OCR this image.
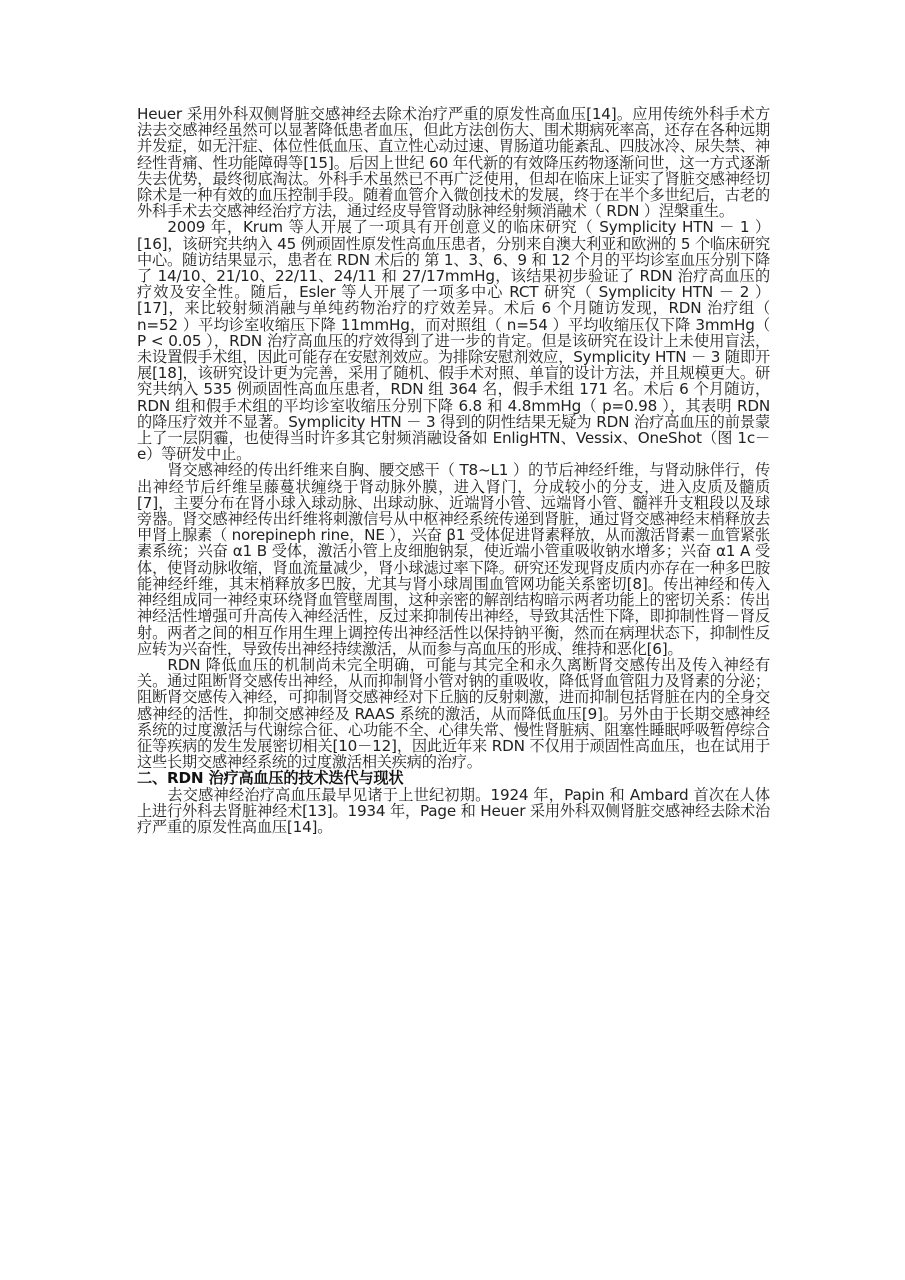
Heuer 采用外科双侧肾脏交感神经去除术治疗严重的原发性高血压[14]。应用传统外科手术方法去交感神经虽然可以显著降低患者血压，但此方法创伤大、围术期病死率高，还存在各种远期并发症，如无汗症、体位性低血压、直立性心动过速、胃肠道功能紊乱、四肢冰冷、尿失禁、神经性背痛、性功能障碍等[15]。后因上世纪 60 年代新的有效降压药物逐渐问世，这一方式逐渐失去优势，最终彻底淘汰。外科手术虽然已不再广泛使用，但却在临床上证实了肾脏交感神经切除术是一种有效的血压控制手段。随着血管介入微创技术的发展，终于在半个多世纪后，古老的外科手术去交感神经治疗方法，通过经皮导管肾动脉神经射频消融术（ RDN ）涅槃重生。

2009 年，Krum 等人开展了一项具有开创意义的临床研究（ Symplicity HTN － 1 ）[16]，该研究共纳入 45 例顽固性原发性高血压患者，分别来自澳大利亚和欧洲的 5 个临床研究中心。随访结果显示，患者在 RDN 术后的 第 1、3、6、9 和 12 个月的平均诊室血压分别下降了 14/10、21/10、22/11、24/11 和 27/17mmHg，该结果初步验证了 RDN 治疗高血压的疗效及安全性。随后，Esler 等人开展了一项多中心 RCT 研究（ Symplicity HTN － 2 ）[17]，来比较射频消融与单纯药物治疗的疗效差异。术后 6 个月随访发现，RDN 治疗组（ n=52 ）平均诊室收缩压下降 11mmHg，而对照组（ n=54 ）平均收缩压仅下降 3mmHg（ P < 0.05 ），RDN 治疗高血压的疗效得到了进一步的肯定。但是该研究在设计上未使用盲法，未设置假手术组，因此可能存在安慰剂效应。为排除安慰剂效应，Symplicity HTN － 3 随即开展[18]，该研究设计更为完善，采用了随机、假手术对照、单盲的设计方法，并且规模更大。研究共纳入 535 例顽固性高血压患者，RDN 组 364 名，假手术组 171 名。术后 6 个月随访，RDN 组和假手术组的平均诊室收缩压分别下降 6.8 和 4.8mmHg（ p=0.98 ），其表明 RDN 的降压疗效并不显著。Symplicity HTN － 3 得到的阴性结果无疑为 RDN 治疗高血压的前景蒙上了一层阴霾，也使得当时许多其它射频消融设备如 EnligHTN、Vessix、OneShot（图 1c－e）等研发中止。

肾交感神经的传出纤维来自胸、腰交感干（ T8~L1 ）的节后神经纤维，与肾动脉伴行，传出神经节后纤维呈藤蔓状缠绕于肾动脉外膜，进入肾门，分成较小的分支，进入皮质及髓质[7]，主要分布在肾小球入球动脉、出球动脉、近端肾小管、远端肾小管、髓袢升支粗段以及球旁器。肾交感神经传出纤维将刺激信号从中枢神经系统传递到肾脏，通过肾交感神经末梢释放去甲肾上腺素（ norepineph rine，NE ），兴奋 β1 受体促进肾素释放，从而激活肾素－血管紧张素系统；兴奋 α1 B 受体，激活小管上皮细胞钠泵，使近端小管重吸收钠水增多；兴奋 α1 A 受体，使肾动脉收缩，肾血流量减少，肾小球滤过率下降。研究还发现肾皮质内亦存在一种多巴胺能神经纤维，其末梢释放多巴胺，尤其与肾小球周围血管网功能关系密切[8]。传出神经和传入神经组成同一神经束环绕肾血管壁周围，这种亲密的解剖结构暗示两者功能上的密切关系：传出神经活性增强可升高传入神经活性，反过来抑制传出神经，导致其活性下降，即抑制性肾－肾反射。两者之间的相互作用生理上调控传出神经活性以保持钠平衡，然而在病理状态下，抑制性反应转为兴奋性，导致传出神经持续激活，从而参与高血压的形成、维持和恶化[6]。

RDN 降低血压的机制尚未完全明确，可能与其完全和永久离断肾交感传出及传入神经有关。通过阻断肾交感传出神经，从而抑制肾小管对钠的重吸收，降低肾血管阻力及肾素的分泌；阻断肾交感传入神经，可抑制肾交感神经对下丘脑的反射刺激，进而抑制包括肾脏在内的全身交感神经的活性，抑制交感神经及 RAAS 系统的激活，从而降低血压[9]。另外由于长期交感神经系统的过度激活与代谢综合征、心功能不全、心律失常、慢性肾脏病、阻塞性睡眠呼吸暂停综合征等疾病的发生发展密切相关[10－12]，因此近年来 RDN 不仅用于顽固性高血压，也在试用于这些长期交感神经系统的过度激活相关疾病的治疗。

二、RDN 治疗高血压的技术迭代与现状

去交感神经治疗高血压最早见诸于上世纪初期。1924 年，Papin 和 Ambard 首次在人体上进行外科去肾脏神经术[13]。1934 年，Page 和 Heuer 采用外科双侧肾脏交感神经去除术治疗严重的原发性高血压[14]。
